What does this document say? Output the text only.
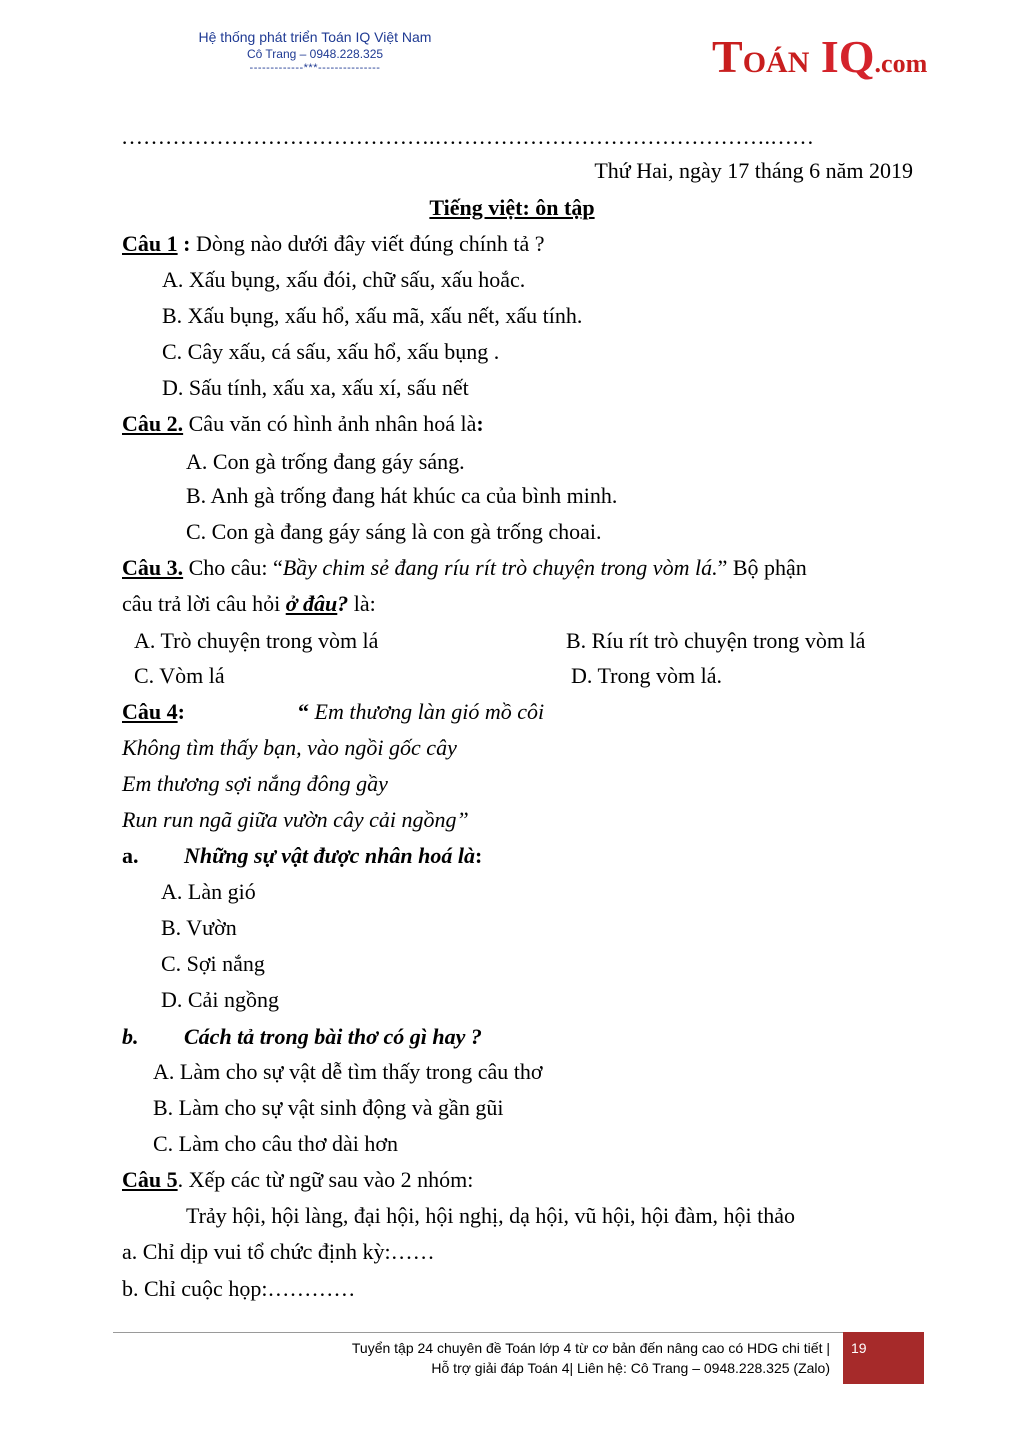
Hệ thống phát triển Toán IQ Việt Nam
Cô Trang – 0948.228.325
-------------***---------------	TOÁN IQ.com
…………………………………….……………………………………….……
Thứ Hai, ngày 17 tháng 6 năm 2019
Tiếng việt: ôn tập
Câu 1 : Dòng nào dưới đây viết đúng chính tả ?
A. Xấu bụng, xấu đói, chữ sấu, xấu hoắc.
B. Xấu bụng, xấu hổ, xấu mã, xấu nết, xấu tính.
C. Cây xấu, cá sấu, xấu hổ, xấu bụng .
D. Sấu tính, xấu xa, xấu xí, sấu nết
Câu 2. Câu văn có hình ảnh nhân hoá là:
A. Con gà trống đang gáy sáng.
B. Anh gà trống đang hát khúc ca của bình minh.
C. Con gà đang gáy sáng là con gà trống choai.
Câu 3. Cho câu: “Bầy chim sẻ đang ríu rít trò chuyện trong vòm lá.” Bộ phận
câu trả lời câu hỏi ở đâu? là:
A. Trò chuyện trong vòm lá	B. Ríu rít trò chuyện trong vòm lá
C. Vòm lá	D. Trong vòm lá.
Câu 4:	“ Em thương làn gió mồ côi
Không tìm thấy bạn, vào ngồi gốc cây
Em thương sợi nắng đông gầy
Run run ngã giữa vườn cây cải ngồng”
a. Những sự vật được nhân hoá là:
A. Làn gió
B. Vườn
C. Sợi nắng
D. Cải ngồng
b. Cách tả trong bài thơ có gì hay ?
A. Làm cho sự vật dễ tìm thấy trong câu thơ
B. Làm cho sự vật sinh động và gần gũi
C. Làm cho câu thơ dài hơn
Câu 5. Xếp các từ ngữ sau vào 2 nhóm:
Trảy hội, hội làng, đại hội, hội nghị, dạ hội, vũ hội, hội đàm, hội thảo
a. Chỉ dịp vui tổ chức định kỳ:……
b. Chỉ cuộc họp:…………
Tuyển tập 24 chuyên đề Toán lớp 4 từ cơ bản đến nâng cao có HDG chi tiết |
Hỗ trợ giải đáp Toán 4| Liên hệ: Cô Trang – 0948.228.325 (Zalo)
19
